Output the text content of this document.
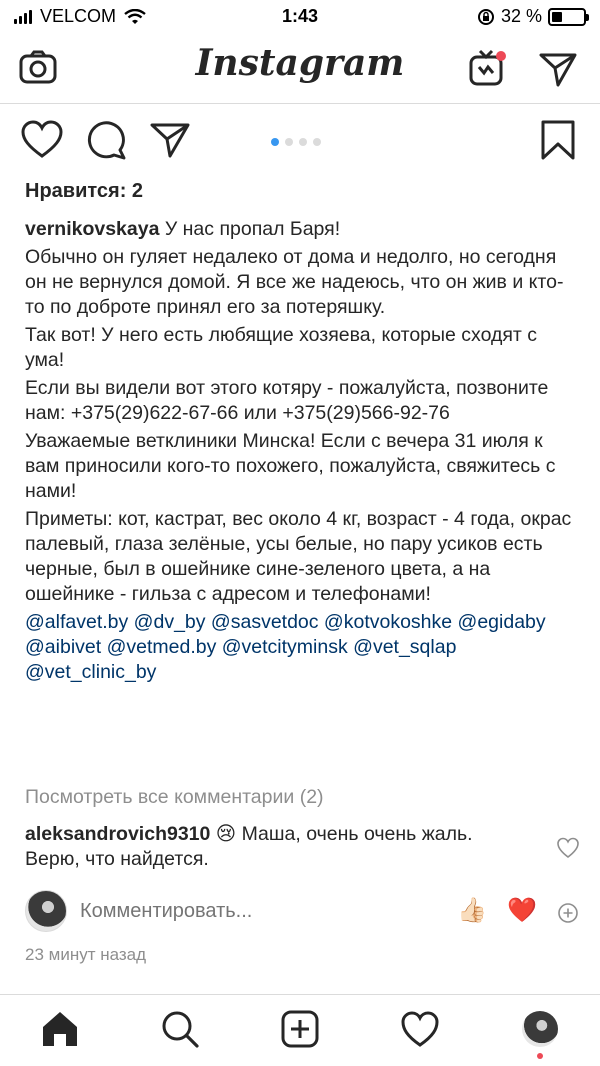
VELCOM	1:43	32 %
Instagram
Нравится: 2

vernikovskaya У нас пропал Баря!

Обычно он гуляет недалеко от дома и недолго, но сегодня он не вернулся домой. Я все же надеюсь, что он жив и кто-то по доброте принял его за потеряшку.

Так вот! У него есть любящие хозяева, которые сходят с ума!

Если вы видели вот этого котяру - пожалуйста, позвоните нам: +375(29)622-67-66 или +375(29)566-92-76

Уважаемые ветклиники Минска! Если с вечера 31 июля к вам приносили кого-то похожего, пожалуйста, свяжитесь с нами!

Приметы: кот, кастрат, вес около 4 кг, возраст - 4 года, окрас палевый, глаза зелёные, усы белые, но пару усиков есть черные, был в ошейнике сине-зеленого цвета, а на ошейнике - гильза с адресом и телефонами!

@alfavet.by @dv_by @sasvetdoc @kotvokoshke @egidaby @aibivet @vetmed.by @vetcityminsk @vet_sqlap @vet_clinic_by

Посмотреть все комментарии (2)
aleksandrovich9310 😢 Маша, очень очень жаль. Верю, что найдется.
Комментировать...
👍🏻 ❤️
23 минут назад
